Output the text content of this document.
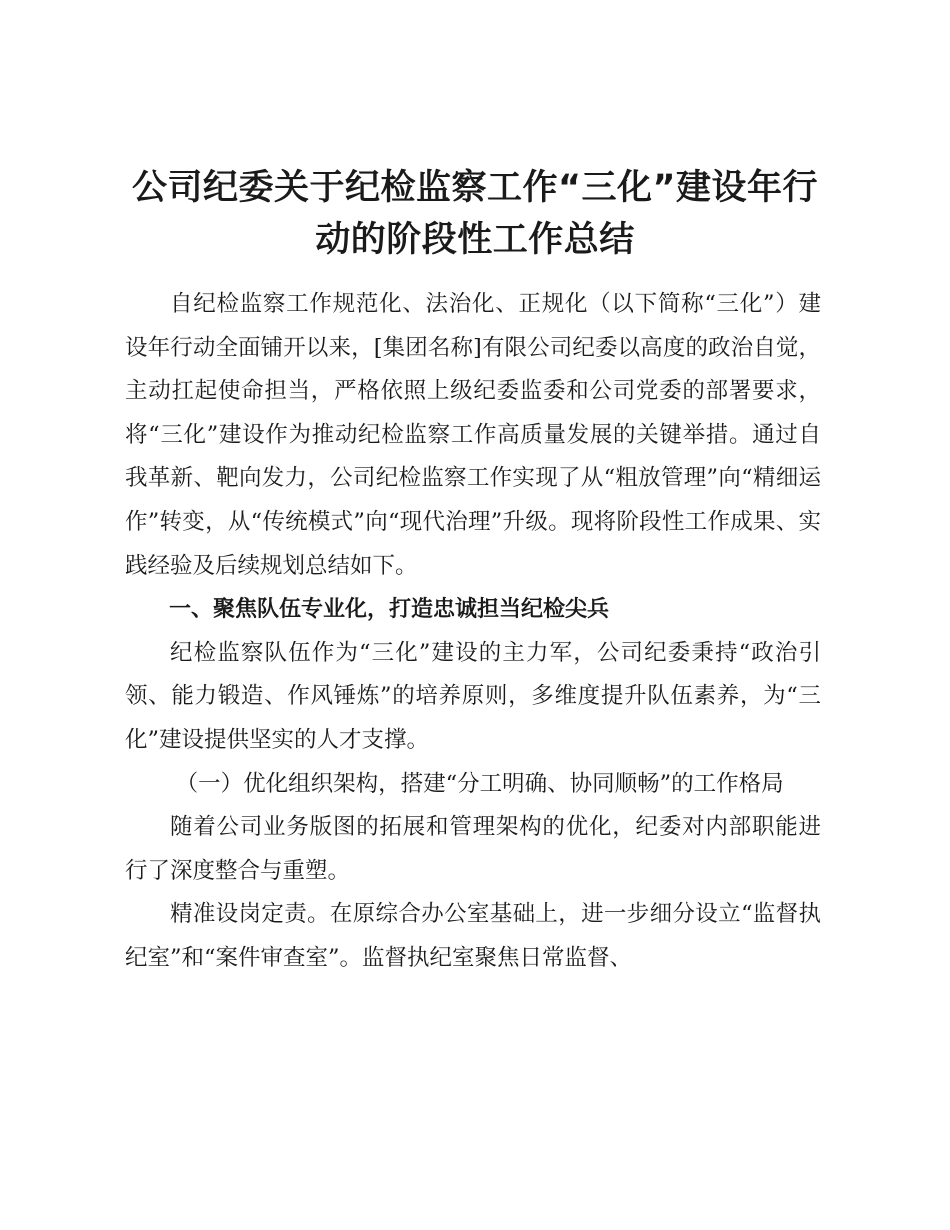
公司纪委关于纪检监察工作“三化”建设年行动的阶段性工作总结

自纪检监察工作规范化、法治化、正规化（以下简称“三化”）建设年行动全面铺开以来，[集团名称]有限公司纪委以高度的政治自觉，主动扛起使命担当，严格依照上级纪委监委和公司党委的部署要求，将“三化”建设作为推动纪检监察工作高质量发展的关键举措。通过自我革新、靶向发力，公司纪检监察工作实现了从“粗放管理”向“精细运作”转变，从“传统模式”向“现代治理”升级。现将阶段性工作成果、实践经验及后续规划总结如下。

一、聚焦队伍专业化，打造忠诚担当纪检尖兵

纪检监察队伍作为“三化”建设的主力军，公司纪委秉持“政治引领、能力锻造、作风锤炼”的培养原则，多维度提升队伍素养，为“三化”建设提供坚实的人才支撑。

（一）优化组织架构，搭建“分工明确、协同顺畅”的工作格局

随着公司业务版图的拓展和管理架构的优化，纪委对内部职能进行了深度整合与重塑。

精准设岗定责。在原综合办公室基础上，进一步细分设立“监督执纪室”和“案件审查室”。监督执纪室聚焦日常监督、
